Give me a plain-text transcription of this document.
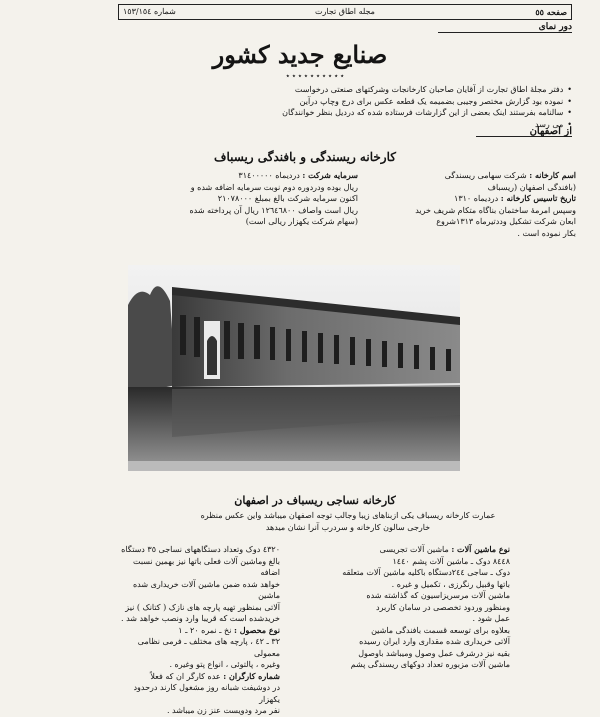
صفحه ٥٥
مجله اطاق تجارت
شماره ١٥٣/١٥٤
دور نمای
صنایع جدید کشور
٭ ٭ ٭ ٭ ٭ ٭ ٭ ٭ ٭ ٭
•
دفتر مجلهٔ اطاق تجارت از آقایان صاحبان کارخانجات وشرکتهای صنعتی درخواست
•
نموده بود گزارش مختصر وجیبی بضمیمه یک قطعه عکس برای درج وچاپ درآین
•
سالنامه بفرستند اینک بعضی از این گزارشات فرستاده شده که دردیل بنظر خوانندگان
•
می رسد
از اصفهان
کارخانه ریسندگی و بافندگی ریسباف
اسم کارخانه : شرکت سهامی ریسندگی
(بافندگی اصفهان (ریسباف
تاریخ تاسیس کارخانه : دردیماه ١٣١٠
وسپس امرمهٔ ساختمان بناگاه متکام شریف خرید
ابعان شرکت تشکیل وددتیرماه ١٣١٣شروع
بکار نموده است .
سرمایه شرکت : دردیماه ٣١٤٠٠٠٠٠
ریال بوده ودردوره دوم نوبت سرمایه اضافه شده و
اکنون سرمایه شرکت بالغ بمبلغ ٢١٠٧٨٠٠٠
ریال است واصاف ١٢٦٤٦٨٠٠ ریال آن پرداخته شده
(سهام شرکت یکهزار ریالی است)
کارخانه نساجی ریسباف در اصفهان
عمارت کارخانه ریسباف یکی ازبناهای زیبا وجالب توجه اصفهان میباشد واین عکس منظره
خارجی سالون کارخانه و سردرب آنرا نشان میدهد
نوع ماشین آلات : ماشین آلات تجریسی
٨٤٤٨ دوک ـ ماشین آلات پشم ١٤٤٠
دوک ـ ساجی ٢٤٤دستگاه باکلیه ماشین آلات متعلقه
باتها وقبیل رنگرزی ، تکمیل و غیره .
ماشین آلات مرسریزاسیون که گذاشته شده
ومنظور وردود تخصصی در سامان کاربرد
عمل شود .
بعلاوه برای توسعه قسمت بافندگی ماشین
آلاتی خریداری شده مقداری وارد ایران رسیده
بقیه نیز درشرف عمل وصول ومیباشد باوصول
ماشین آلات مزبوره تعداد دوکهای ریسندگی پشم
٤٣٢٠ دوک وتعداد دستگاههای نساجی ٣٥ دستگاه
بالغ وماشین آلات فعلی باتها نیز بهمین نسبت اضافه
خواهد شده ضمن ماشین آلات خریداری شده ماشین
آلاتی بمنظور تهیه پارچه های نازک ( کتانک ) نیز
خریدشده است که قریبا وارد ونصب خواهد شد .
نوع محصول : نخ ـ نمره ٢٠ ـ ١
٣٢ ـ ٤٢ ، پارچه های مختلف ـ فرمی نظامی معمولی
وغیره ، پالتوئی ، انواع پتو وغیره .
شماره کارگران : عده کارگر ان که فعلاً
در دوشیفت شبانه روز مشغول کارند درحدود یکهزار
نفر مرد ودویست عنز زن میباشد .
